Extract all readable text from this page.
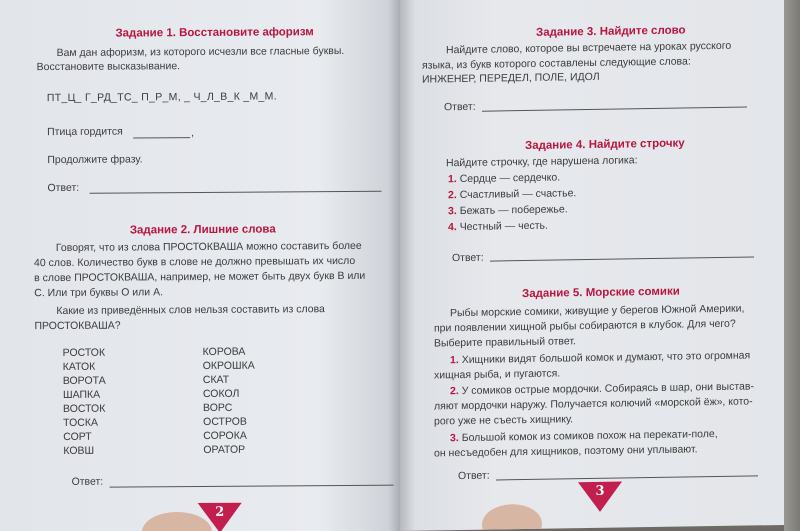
Задание 1. Восстановите афоризм
Вам дан афоризм, из которого исчезли все гласные буквы.
Восстановите высказывание.
ПТ_Ц_ Г_РД_ТС_ П_Р_М, _ Ч_Л_В_К _М_М.
Птица гордится	,
Продолжите фразу.
Ответ:
Задание 2. Лишние слова
Говорят, что из слова ПРОСТОКВАША можно составить более
40 слов. Количество букв в слове не должно превышать их число
в слове ПРОСТОКВАША, например, не может быть двух букв В или
С. Или три буквы О или А.
Какие из приведённых слов нельзя составить из слова
ПРОСТОКВАША?
РОСТОК
КАТОК
ВОРОТА
ШАПКА
ВОСТОК
ТОСКА
СОРТ
КОВШ
КОРОВА
ОКРОШКА
СКАТ
СОКОЛ
ВОРС
ОСТРОВ
СОРОКА
ОРАТОР
Ответ:
2
Задание 3. Найдите слово
Найдите слово, которое вы встречаете на уроках русского
языка, из букв которого составлены следующие слова:
ИНЖЕНЕР, ПЕРЕДЕЛ, ПОЛЕ, ИДОЛ
Ответ:
Задание 4. Найдите строчку
Найдите строчку, где нарушена логика:
1. Сердце — сердечко.
2. Счастливый — счастье.
3. Бежать — побережье.
4. Честный — честь.
Ответ:
Задание 5. Морские сомики
Рыбы морские сомики, живущие у берегов Южной Америки,
при появлении хищной рыбы собираются в клубок. Для чего?
Выберите правильный ответ.
1. Хищники видят большой комок и думают, что это огромная
хищная рыба, и пугаются.
2. У сомиков острые мордочки. Собираясь в шар, они выстав-
ляют мордочки наружу. Получается колючий «морской ёж», кото-
рого уже не съесть хищнику.
3. Большой комок из сомиков похож на перекати-поле,
он несъедобен для хищников, поэтому они уплывают.
Ответ:
3
